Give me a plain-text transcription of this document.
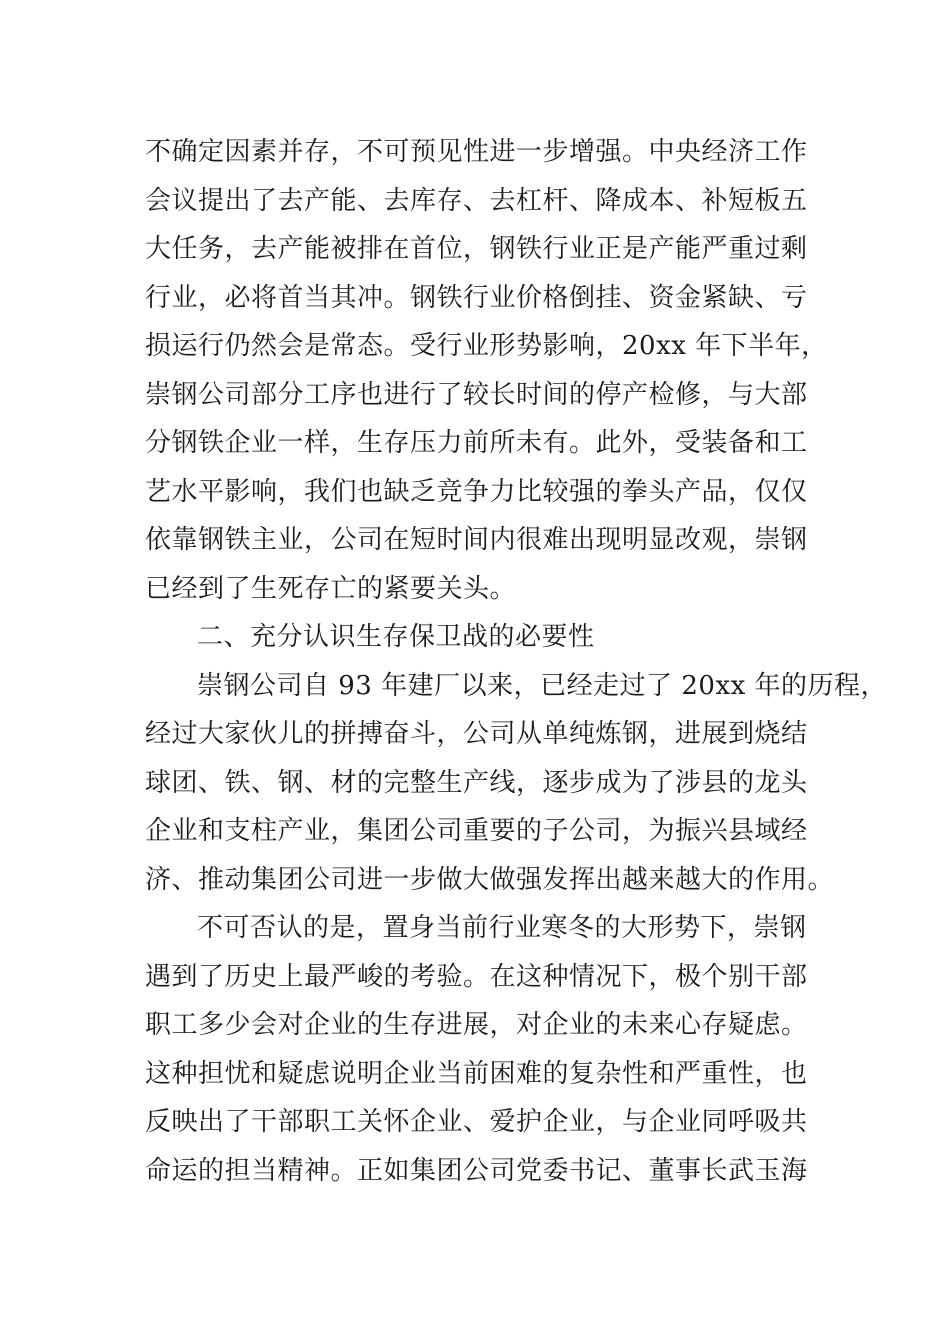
不确定因素并存，不可预见性进一步增强。中央经济工作
会议提出了去产能、去库存、去杠杆、降成本、补短板五
大任务，去产能被排在首位，钢铁行业正是产能严重过剩
行业，必将首当其冲。钢铁行业价格倒挂、资金紧缺、亏
损运行仍然会是常态。受行业形势影响，20xx 年下半年，
崇钢公司部分工序也进行了较长时间的停产检修，与大部
分钢铁企业一样，生存压力前所未有。此外，受装备和工
艺水平影响，我们也缺乏竞争力比较强的拳头产品，仅仅
依靠钢铁主业，公司在短时间内很难出现明显改观，崇钢
已经到了生死存亡的紧要关头。
二、充分认识生存保卫战的必要性
崇钢公司自 93 年建厂以来，已经走过了 20xx 年的历程，
经过大家伙儿的拼搏奋斗，公司从单纯炼钢，进展到烧结
球团、铁、钢、材的完整生产线，逐步成为了涉县的龙头
企业和支柱产业，集团公司重要的子公司，为振兴县域经
济、推动集团公司进一步做大做强发挥出越来越大的作用。
不可否认的是，置身当前行业寒冬的大形势下，崇钢
遇到了历史上最严峻的考验。在这种情况下，极个别干部
职工多少会对企业的生存进展，对企业的未来心存疑虑。
这种担忧和疑虑说明企业当前困难的复杂性和严重性，也
反映出了干部职工关怀企业、爱护企业，与企业同呼吸共
命运的担当精神。正如集团公司党委书记、董事长武玉海
